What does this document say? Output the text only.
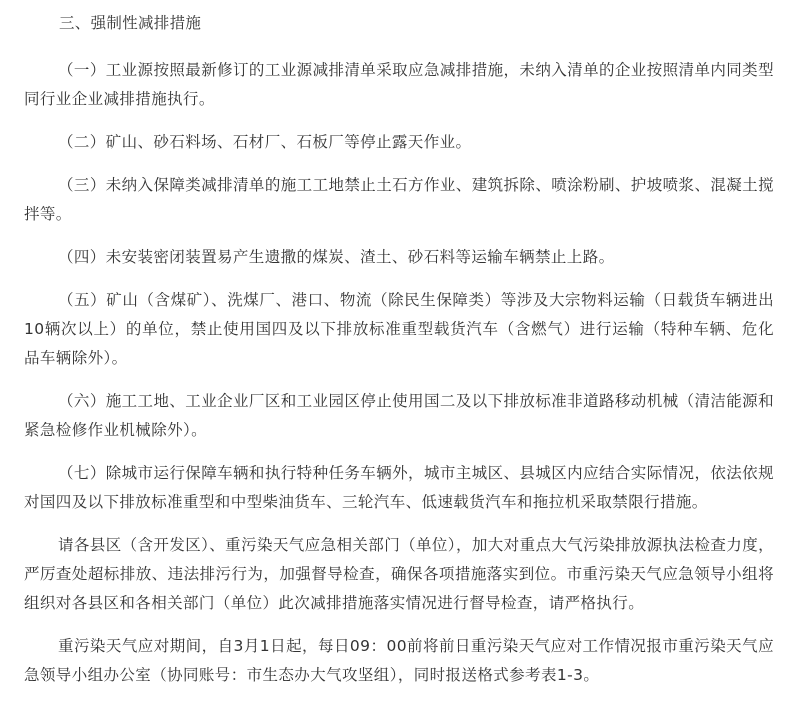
三、强制性减排措施

（一）工业源按照最新修订的工业源减排清单采取应急减排措施，未纳入清单的企业按照清单内同类型同行业企业减排措施执行。

（二）矿山、砂石料场、石材厂、石板厂等停止露天作业。

（三）未纳入保障类减排清单的施工工地禁止土石方作业、建筑拆除、喷涂粉刷、护坡喷浆、混凝土搅拌等。

（四）未安装密闭装置易产生遗撒的煤炭、渣土、砂石料等运输车辆禁止上路。

（五）矿山（含煤矿）、洗煤厂、港口、物流（除民生保障类）等涉及大宗物料运输（日载货车辆进出10辆次以上）的单位，禁止使用国四及以下排放标准重型载货汽车（含燃气）进行运输（特种车辆、危化品车辆除外）。

（六）施工工地、工业企业厂区和工业园区停止使用国二及以下排放标准非道路移动机械（清洁能源和紧急检修作业机械除外）。

（七）除城市运行保障车辆和执行特种任务车辆外，城市主城区、县城区内应结合实际情况，依法依规对国四及以下排放标准重型和中型柴油货车、三轮汽车、低速载货汽车和拖拉机采取禁限行措施。

请各县区（含开发区）、重污染天气应急相关部门（单位），加大对重点大气污染排放源执法检查力度，严厉查处超标排放、违法排污行为，加强督导检查，确保各项措施落实到位。市重污染天气应急领导小组将组织对各县区和各相关部门（单位）此次减排措施落实情况进行督导检查，请严格执行。

重污染天气应对期间，自3月1日起，每日09：00前将前日重污染天气应对工作情况报市重污染天气应急领导小组办公室（协同账号：市生态办大气攻坚组），同时报送格式参考表1-3。
